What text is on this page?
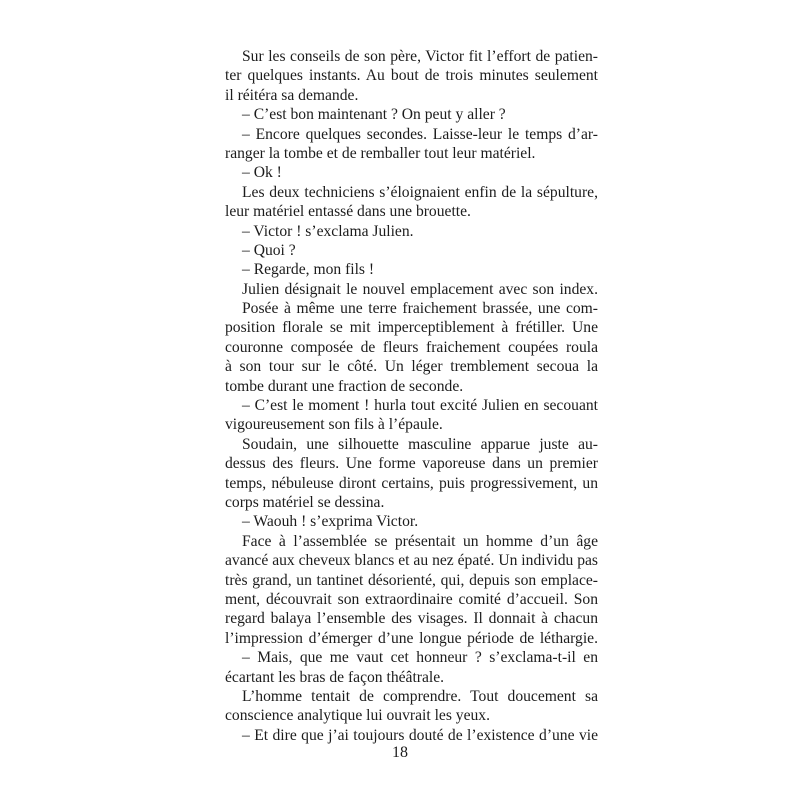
Sur les conseils de son père, Victor fit l’effort de patien-
ter quelques instants. Au bout de trois minutes seulement
il réitéra sa demande.
– C’est bon maintenant ? On peut y aller ?
– Encore quelques secondes. Laisse-leur le temps d’ar-
ranger la tombe et de remballer tout leur matériel.
– Ok !
Les deux techniciens s’éloignaient enfin de la sépulture,
leur matériel entassé dans une brouette.
– Victor ! s’exclama Julien.
– Quoi ?
– Regarde, mon fils !
Julien désignait le nouvel emplacement avec son index.
Posée à même une terre fraichement brassée, une com-
position florale se mit imperceptiblement à frétiller. Une
couronne composée de fleurs fraichement coupées roula
à son tour sur le côté. Un léger tremblement secoua la
tombe durant une fraction de seconde.
– C’est le moment ! hurla tout excité Julien en secouant
vigoureusement son fils à l’épaule.
Soudain, une silhouette masculine apparue juste au-
dessus des fleurs. Une forme vaporeuse dans un premier
temps, nébuleuse diront certains, puis progressivement, un
corps matériel se dessina.
– Waouh ! s’exprima Victor.
Face à l’assemblée se présentait un homme d’un âge
avancé aux cheveux blancs et au nez épaté. Un individu pas
très grand, un tantinet désorienté, qui, depuis son emplace-
ment, découvrait son extraordinaire comité d’accueil. Son
regard balaya l’ensemble des visages. Il donnait à chacun
l’impression d’émerger d’une longue période de léthargie.
– Mais, que me vaut cet honneur ? s’exclama-t-il en
écartant les bras de façon théâtrale.
L’homme tentait de comprendre. Tout doucement sa
conscience analytique lui ouvrait les yeux.
– Et dire que j’ai toujours douté de l’existence d’une vie
18
